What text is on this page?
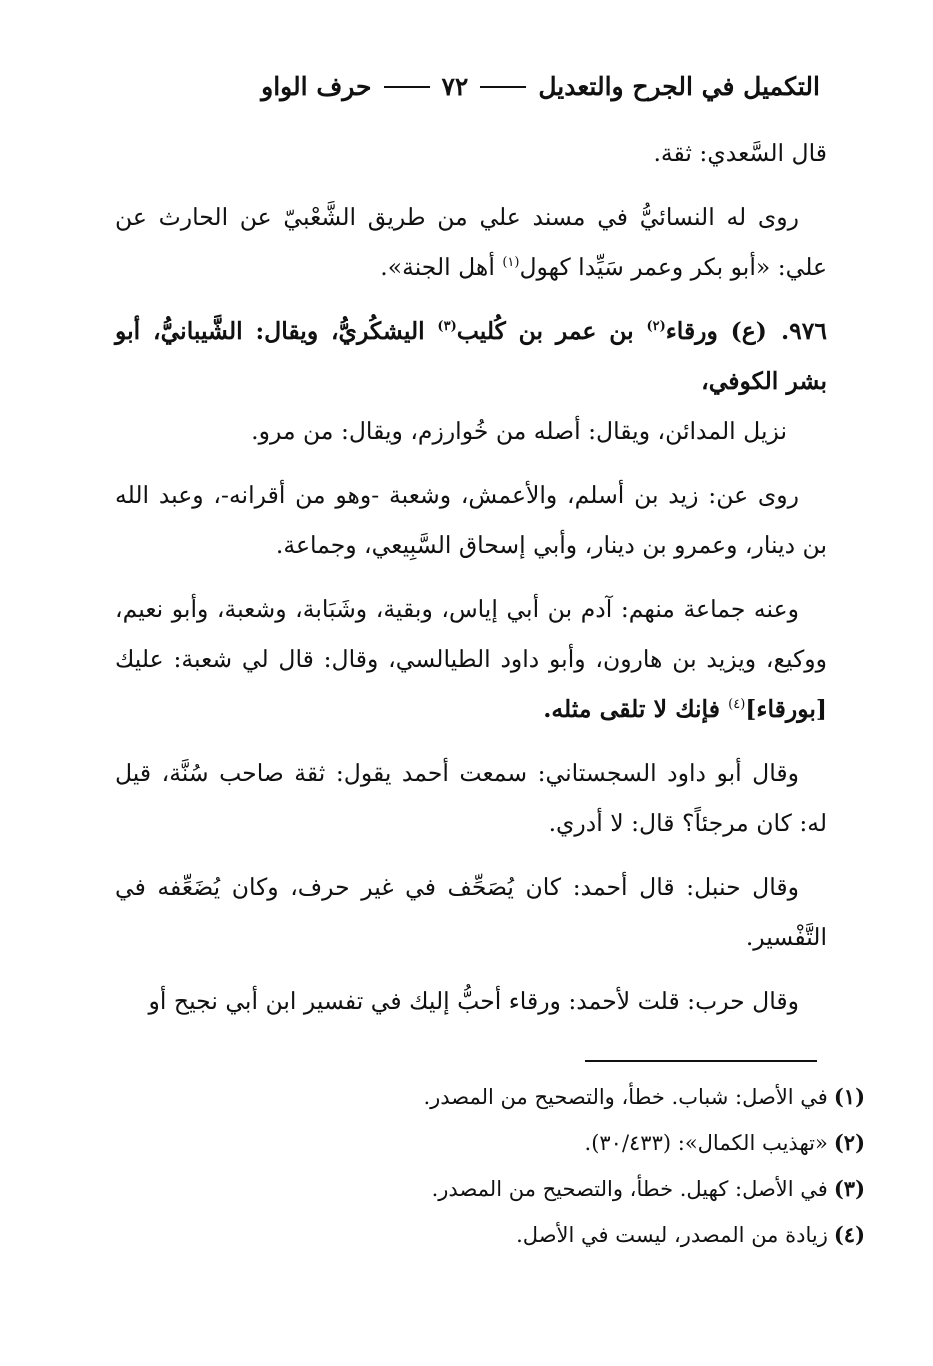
التكميل في الجرح والتعديل
٧٢
حرف الواو

قال السَّعدي: ثقة.

روى له النسائيُّ في مسند علي من طريق الشَّعْبيّ عن الحارث عن علي: «أبو بكر وعمر سَيِّدا كهول$^{(١)}$ أهل الجنة».

٩٧٦.(ع) ورقاء$^{(٢)}$ بن عمر بن كُليب$^{(٣)}$ اليشكُريُّ، ويقال: الشَّيبانيُّ، أبو بشر الكوفي،
نزيل المدائن، ويقال: أصله من خُوارزم، ويقال: من مرو.

روى عن: زيد بن أسلم، والأعمش، وشعبة -وهو من أقرانه-، وعبد الله بن دينار، وعمرو بن دينار، وأبي إسحاق السَّبِيعي، وجماعة.

وعنه جماعة منهم: آدم بن أبي إياس، وبقية، وشَبَابة، وشعبة، وأبو نعيم، ووكيع، ويزيد بن هارون، وأبو داود الطيالسي، وقال: قال لي شعبة: عليك [بورقاء]$^{(٤)}$ فإنك لا تلقى مثله.

وقال أبو داود السجستاني: سمعت أحمد يقول: ثقة صاحب سُنَّة، قيل له: كان مرجئاً؟ قال: لا أدري.

وقال حنبل: قال أحمد: كان يُصَحِّف في غير حرف، وكان يُضَعِّفه في التَّفْسير.

وقال حرب: قلت لأحمد: ورقاء أحبُّ إليك في تفسير ابن أبي نجيح أو

(١)في الأصل: شباب. خطأ، والتصحيح من المصدر.
(٢)«تهذيب الكمال»: (٣٠/٤٣٣).
(٣)في الأصل: كهيل. خطأ، والتصحيح من المصدر.
(٤)زيادة من المصدر، ليست في الأصل.
